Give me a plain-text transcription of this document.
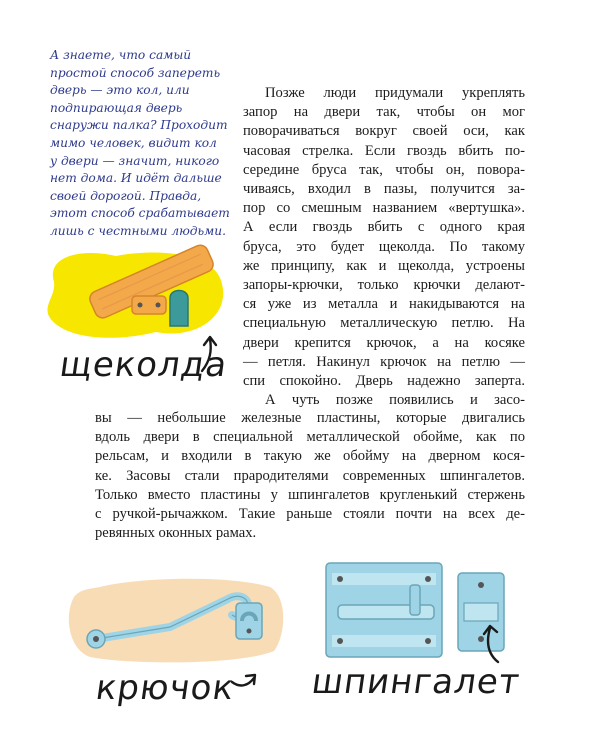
А знаете, что самый
простой способ запереть
дверь — это кол, или
подпирающая дверь
снаружи палка? Проходит
мимо человек, видит кол
у двери — значит, никого
нет дома. И идёт дальше
своей дорогой. Правда,
этот способ срабатывает
лишь с честными людьми.
щеколда
Позже люди придумали укреплять
запор на двери так, чтобы он мог
поворачиваться вокруг своей оси, как
часовая стрелка. Если гвоздь вбить по-
середине бруса так, чтобы он, повора-
чиваясь, входил в пазы, получится за-
пор со смешным названием «вертушка».
А если гвоздь вбить с одного края
бруса, это будет щеколда. По такому
же принципу, как и щеколда, устроены
запоры-крючки, только крючки делают-
ся уже из металла и накидываются на
специальную металлическую петлю. На
двери крепится крючок, а на косяке
— петля. Накинул крючок на петлю —
спи спокойно. Дверь надежно заперта.
А чуть позже появились и засо-
вы — небольшие железные пластины, которые двигались
вдоль двери в специальной металлической обойме, как по
рельсам, и входили в такую же обойму на дверном кося-
ке. Засовы стали прародителями современных шпингалетов.
Только вместо пластины у шпингалетов кругленький стержень
с ручкой-рычажком. Такие раньше стояли почти на всех де-
ревянных оконных рамах.
крючок шпингалет
